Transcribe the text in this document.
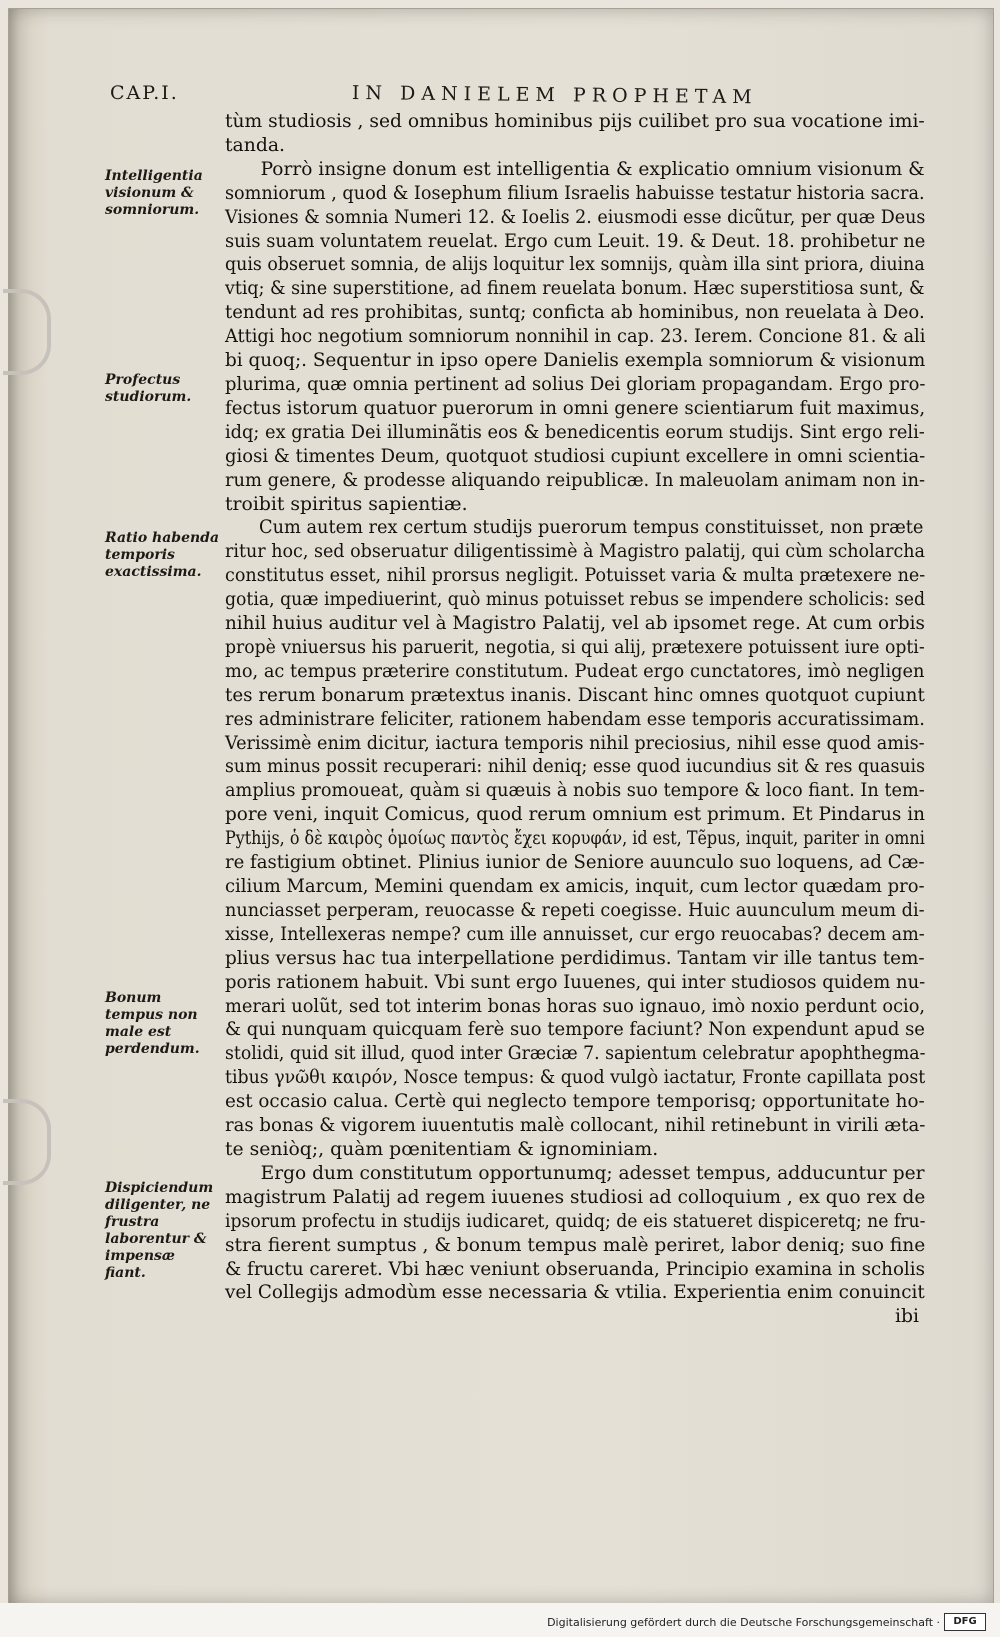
CAP.I.	IN DANIELEM PROPHETAM
Intelligentia visionum & somniorum.
Profectus studiorum.
Ratio habenda temporis exactissima.
Bonum tempus non male est perdendum.
Dispiciendum diligenter, ne frustra laborentur & impensæ fiant.
tùm studiosis , sed omnibus hominibus pijs cuilibet pro sua vocatione imi-
tanda.
Porrò insigne donum est intelligentia & explicatio omnium visionum &
somniorum , quod & Iosephum filium Israelis habuisse testatur historia sacra.
Visiones & somnia Numeri 12. & Ioelis 2. eiusmodi esse dicũtur, per quæ Deus
suis suam voluntatem reuelat. Ergo cum Leuit. 19. & Deut. 18. prohibetur ne
quis obseruet somnia, de alijs loquitur lex somnijs, quàm illa sint priora, diuina
vtiq; & sine superstitione, ad finem reuelata bonum. Hæc superstitiosa sunt, &
tendunt ad res prohibitas, suntq; conficta ab hominibus, non reuelata à Deo.
Attigi hoc negotium somniorum nonnihil in cap. 23. Ierem. Concione 81. & ali
bi quoq;. Sequentur in ipso opere Danielis exempla somniorum & visionum
plurima, quæ omnia pertinent ad solius Dei gloriam propagandam. Ergo pro-
fectus istorum quatuor puerorum in omni genere scientiarum fuit maximus,
idq; ex gratia Dei illuminãtis eos & benedicentis eorum studijs. Sint ergo reli-
giosi & timentes Deum, quotquot studiosi cupiunt excellere in omni scientia-
rum genere, & prodesse aliquando reipublicæ. In maleuolam animam non in-
troibit spiritus sapientiæ.
Cum autem rex certum studijs puerorum tempus constituisset, non præte
ritur hoc, sed obseruatur diligentissimè à Magistro palatij, qui cùm scholarcha
constitutus esset, nihil prorsus negligit. Potuisset varia & multa prætexere ne-
gotia, quæ impediuerint, quò minus potuisset rebus se impendere scholicis: sed
nihil huius auditur vel à Magistro Palatij, vel ab ipsomet rege. At cum orbis
propè vniuersus his paruerit, negotia, si qui alij, prætexere potuissent iure opti-
mo, ac tempus præterire constitutum. Pudeat ergo cunctatores, imò negligen
tes rerum bonarum prætextus inanis. Discant hinc omnes quotquot cupiunt
res administrare feliciter, rationem habendam esse temporis accuratissimam.
Verissimè enim dicitur, iactura temporis nihil preciosius, nihil esse quod amis-
sum minus possit recuperari: nihil deniq; esse quod iucundius sit & res quasuis
amplius promoueat, quàm si quæuis à nobis suo tempore & loco fiant. In tem-
pore veni, inquit Comicus, quod rerum omnium est primum. Et Pindarus in
Pythijs, ὁ δὲ καιρὸς ὁμοίως παντὸς ἔχει κορυφάν, id est, Tẽpus, inquit, pariter in omni
re fastigium obtinet. Plinius iunior de Seniore auunculo suo loquens, ad Cæ-
cilium Marcum, Memini quendam ex amicis, inquit, cum lector quædam pro-
nunciasset perperam, reuocasse & repeti coegisse. Huic auunculum meum di-
xisse, Intellexeras nempe? cum ille annuisset, cur ergo reuocabas? decem am-
plius versus hac tua interpellatione perdidimus. Tantam vir ille tantus tem-
poris rationem habuit. Vbi sunt ergo Iuuenes, qui inter studiosos quidem nu-
merari uolũt, sed tot interim bonas horas suo ignauo, imò noxio perdunt ocio,
& qui nunquam quicquam ferè suo tempore faciunt? Non expendunt apud se
stolidi, quid sit illud, quod inter Græciæ 7. sapientum celebratur apophthegma-
tibus γνῶθι καιρόν, Nosce tempus: & quod vulgò iactatur, Fronte capillata post
est occasio calua. Certè qui neglecto tempore temporisq; opportunitate ho-
ras bonas & vigorem iuuentutis malè collocant, nihil retinebunt in virili æta-
te seniòq;, quàm pœnitentiam & ignominiam.
Ergo dum constitutum opportunumq; adesset tempus, adducuntur per
magistrum Palatij ad regem iuuenes studiosi ad colloquium , ex quo rex de
ipsorum profectu in studijs iudicaret, quidq; de eis statueret dispiceretq; ne fru-
stra fierent sumptus , & bonum tempus malè periret, labor deniq; suo fine
& fructu careret. Vbi hæc veniunt obseruanda, Principio examina in scholis
vel Collegijs admodùm esse necessaria & vtilia. Experientia enim conuincit
ibi
Digitalisierung gefördert durch die Deutsche Forschungsgemeinschaft ·	DFG
